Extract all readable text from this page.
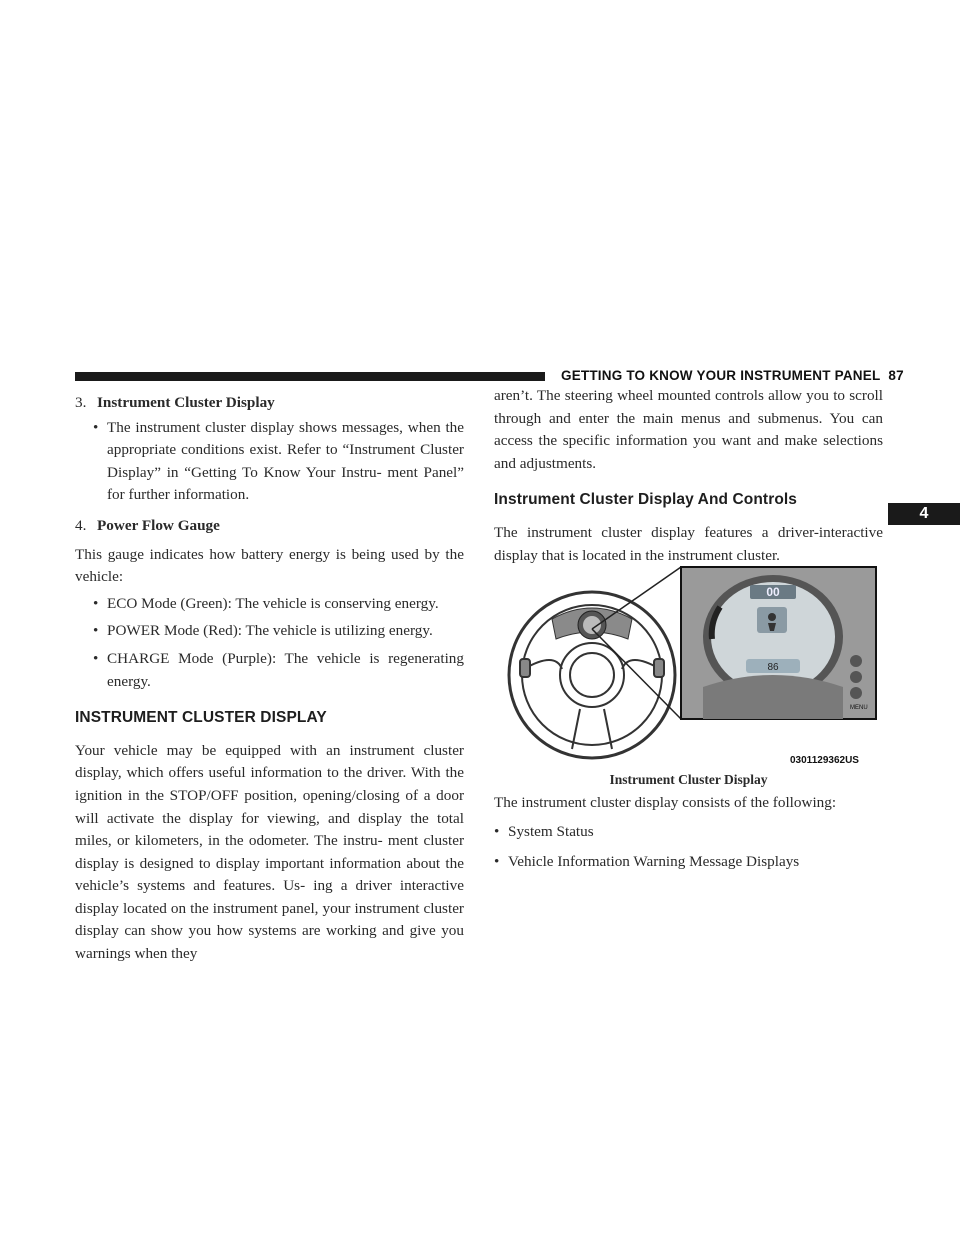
GETTING TO KNOW YOUR INSTRUMENT PANEL 87
4
3. Instrument Cluster Display
• The instrument cluster display shows messages, when the appropriate conditions exist. Refer to “Instrument Cluster Display” in “Getting To Know Your Instru- ment Panel” for further information.
4. Power Flow Gauge

This gauge indicates how battery energy is being used by the vehicle:

• ECO Mode (Green): The vehicle is conserving energy.
• POWER Mode (Red): The vehicle is utilizing energy.
• CHARGE Mode (Purple): The vehicle is regenerating energy.
INSTRUMENT CLUSTER DISPLAY

Your vehicle may be equipped with an instrument cluster display, which offers useful information to the driver. With the ignition in the STOP/OFF position, opening/closing of a door will activate the display for viewing, and display the total miles, or kilometers, in the odometer. The instru- ment cluster display is designed to display important information about the vehicle’s systems and features. Us- ing a driver interactive display located on the instrument panel, your instrument cluster display can show you how systems are working and give you warnings when they

aren’t. The steering wheel mounted controls allow you to scroll through and enter the main menus and submenus. You can access the specific information you want and make selections and adjustments.

Instrument Cluster Display And Controls

The instrument cluster display features a driver-interactive display that is located in the instrument cluster.

00
86
MENU
0301129362US
Instrument Cluster Display

The instrument cluster display consists of the following:

• System Status
• Vehicle Information Warning Message Displays
